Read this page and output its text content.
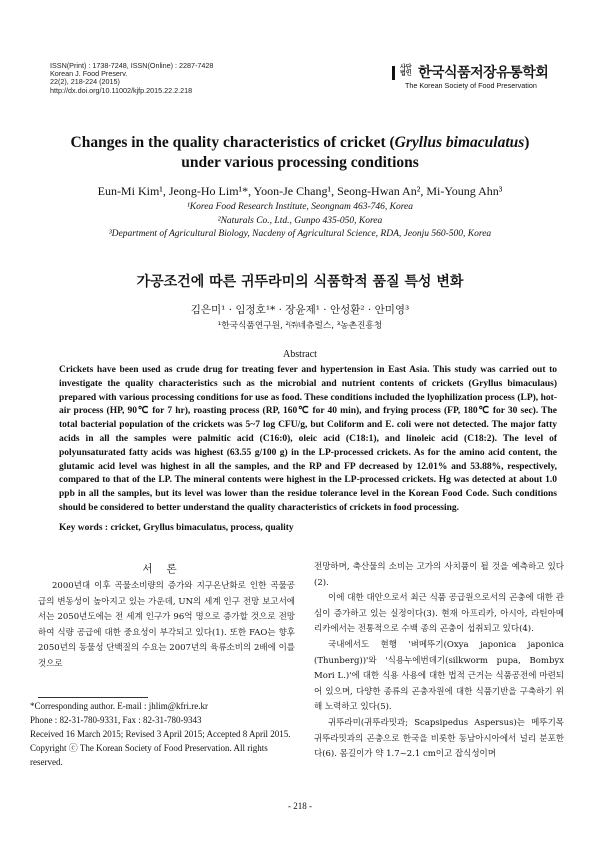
ISSN(Print) : 1738-7248, ISSN(Online) : 2287-7428
Korean J. Food Preserv.
22(2), 218-224 (2015)
http://dx.doi.org/10.11002/kjfp.2015.22.2.218
사단
법인 한국식품저장유통학회
The Korean Society of Food Preservation
Changes in the quality characteristics of cricket (Gryllus bimaculatus)
under various processing conditions
Eun-Mi Kim¹, Jeong-Ho Lim¹*, Yoon-Je Chang¹, Seong-Hwan An², Mi-Young Ahn³
¹Korea Food Research Institute, Seongnam 463-746, Korea
²Naturals Co., Ltd., Gunpo 435-050, Korea
³Department of Agricultural Biology, Nacdeny of Agricultural Science, RDA, Jeonju 560-500, Korea
가공조건에 따른 귀뚜라미의 식품학적 품질 특성 변화
김은미¹ · 임정호¹* · 장윤제¹ · 안성환² · 안미영³
¹한국식품연구원, ²㈜네츄럴스, ³농촌진흥청
Abstract
Crickets have been used as crude drug for treating fever and hypertension in East Asia. This study was carried out to investigate the quality characteristics such as the microbial and nutrient contents of crickets (Gryllus bimaculaus) prepared with various processing conditions for use as food. These conditions included the lyophilization process (LP), hot-air process (HP, 90℃ for 7 hr), roasting process (RP, 160℃ for 40 min), and frying process (FP, 180℃ for 30 sec). The total bacterial population of the crickets was 5~7 log CFU/g, but Coliform and E. coli were not detected. The major fatty acids in all the samples were palmitic acid (C16:0), oleic acid (C18:1), and linoleic acid (C18:2). The level of polyunsaturated fatty acids was highest (63.55 g/100 g) in the LP-processed crickets. As for the amino acid content, the glutamic acid level was highest in all the samples, and the RP and FP decreased by 12.01% and 53.88%, respectively, compared to that of the LP. The mineral contents were highest in the LP-processed crickets. Hg was detected at about 1.0 ppb in all the samples, but its level was lower than the residue tolerance level in the Korean Food Code. Such conditions should be considered to better understand the quality characteristics of crickets in food processing.
Key words : cricket, Gryllus bimaculatus, process, quality
서론

2000년대 이후 곡물소비량의 증가와 지구온난화로 인한 곡물공급의 변동성이 높아지고 있는 가운데, UN의 세계 인구 전망 보고서에서는 2050년도에는 전 세계 인구가 96억 명으로 증가할 것으로 전망하여 식량 공급에 대한 중요성이 부각되고 있다(1). 또한 FAO는 향후 2050년의 동물성 단백질의 수요는 2007년의 육류소비의 2배에 이를 것으로

전망하며, 축산물의 소비는 고가의 사치품이 될 것을 예측하고 있다(2).

이에 대한 대안으로서 최근 식품 공급원으로서의 곤충에 대한 관심이 증가하고 있는 실정이다(3). 현재 아프리카, 아시아, 라틴아메리카에서는 전통적으로 수백 종의 곤충이 섭취되고 있다(4).

국내에서도 현행 '벼메뚜기(Oxya japonica japonica (Thunberg))'와 '식용누에번데기(silkworm pupa, Bombyx Mori L.)'에 대한 식용 사용에 대한 법적 근거는 식품공전에 마련되어 있으며, 다양한 종류의 곤충자원에 대한 식품기반을 구축하기 위해 노력하고 있다(5).

귀뚜라미(귀뚜라밋과; Scapsipedus Aspersus)는 메뚜기목 귀뚜라밋과의 곤충으로 한국을 비롯한 동남아시아에서 널리 분포한다(6). 몸길이가 약 1.7~2.1 cm이고 잡식성이며

*Corresponding author. E-mail : jhlim@kfri.re.kr
Phone : 82-31-780-9331, Fax : 82-31-780-9343
Received 16 March 2015; Revised 3 April 2015; Accepted 8 April 2015.
Copyright ⓒ The Korean Society of Food Preservation. All rights reserved.
- 218 -
